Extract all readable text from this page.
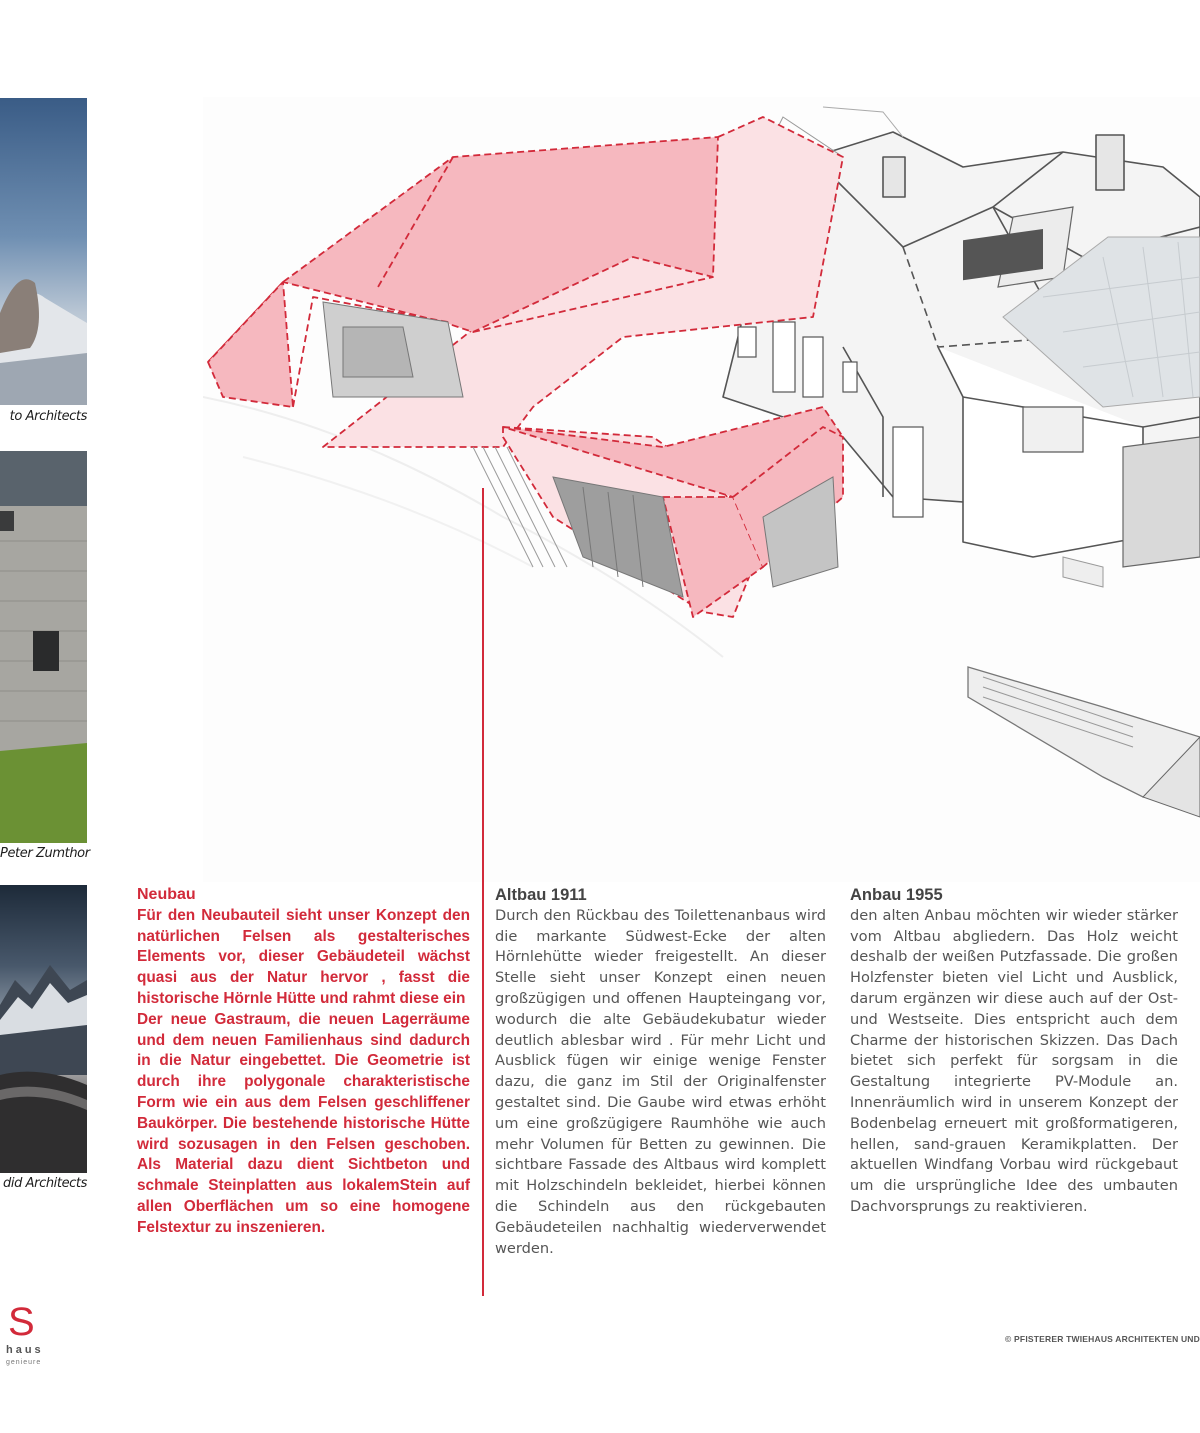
to Architects
Peter Zumthor
did Architects
S
haus
genieure
Neubau

Für den Neubauteil sieht unser Konzept den natürlichen Felsen als gestalterisches Elements vor, dieser Gebäudeteil wächst quasi aus der Natur hervor , fasst die historische Hörnle Hütte und rahmt diese ein

Der neue Gastraum, die neuen Lagerräume und dem neuen Familienhaus sind dadurch in die Natur eingebettet. Die Geometrie ist durch ihre polygonale charakteristische Form wie ein aus dem Felsen geschliffener Baukörper. Die bestehende historische Hütte wird sozusagen in den Felsen geschoben. Als Material dazu dient Sichtbeton und schmale Steinplatten aus lokalemStein auf allen Oberflächen um so eine homogene Felstextur zu inszenieren.

Altbau 1911

Durch den Rückbau des Toilettenanbaus wird die markante Südwest-Ecke der alten Hörnlehütte wieder freigestellt. An dieser Stelle sieht unser Konzept einen neuen großzügigen und offenen Haupteingang vor, wodurch die alte Gebäudekubatur wieder deutlich ablesbar wird . Für mehr Licht und Ausblick fügen wir einige wenige Fenster dazu, die ganz im Stil der Originalfenster gestaltet sind. Die Gaube wird etwas erhöht um eine großzügigere Raumhöhe wie auch mehr Volumen für Betten zu gewinnen. Die sichtbare Fassade des Altbaus wird komplett mit Holzschindeln bekleidet, hierbei können die Schindeln aus den rückgebauten Gebäudeteilen nachhaltig wiederverwendet werden.

Anbau 1955

den alten Anbau möchten wir wieder stärker vom Altbau abgliedern. Das Holz weicht deshalb der weißen Putzfassade. Die großen Holzfenster bieten viel Licht und Ausblick, darum ergänzen wir diese auch auf der Ost- und Westseite. Dies entspricht auch dem Charme der historischen Skizzen. Das Dach bietet sich perfekt für sorgsam in die Gestaltung integrierte PV-Module an. Innenräumlich wird in unserem Konzept der Bodenbelag erneuert mit großformatigeren, hellen, sand-grauen Keramikplatten. Der aktuellen Windfang Vorbau wird rückgebaut um die ursprüngliche Idee des umbauten Dachvorsprungs zu reaktivieren.

© PFISTERER TWIEHAUS ARCHITEKTEN UND
